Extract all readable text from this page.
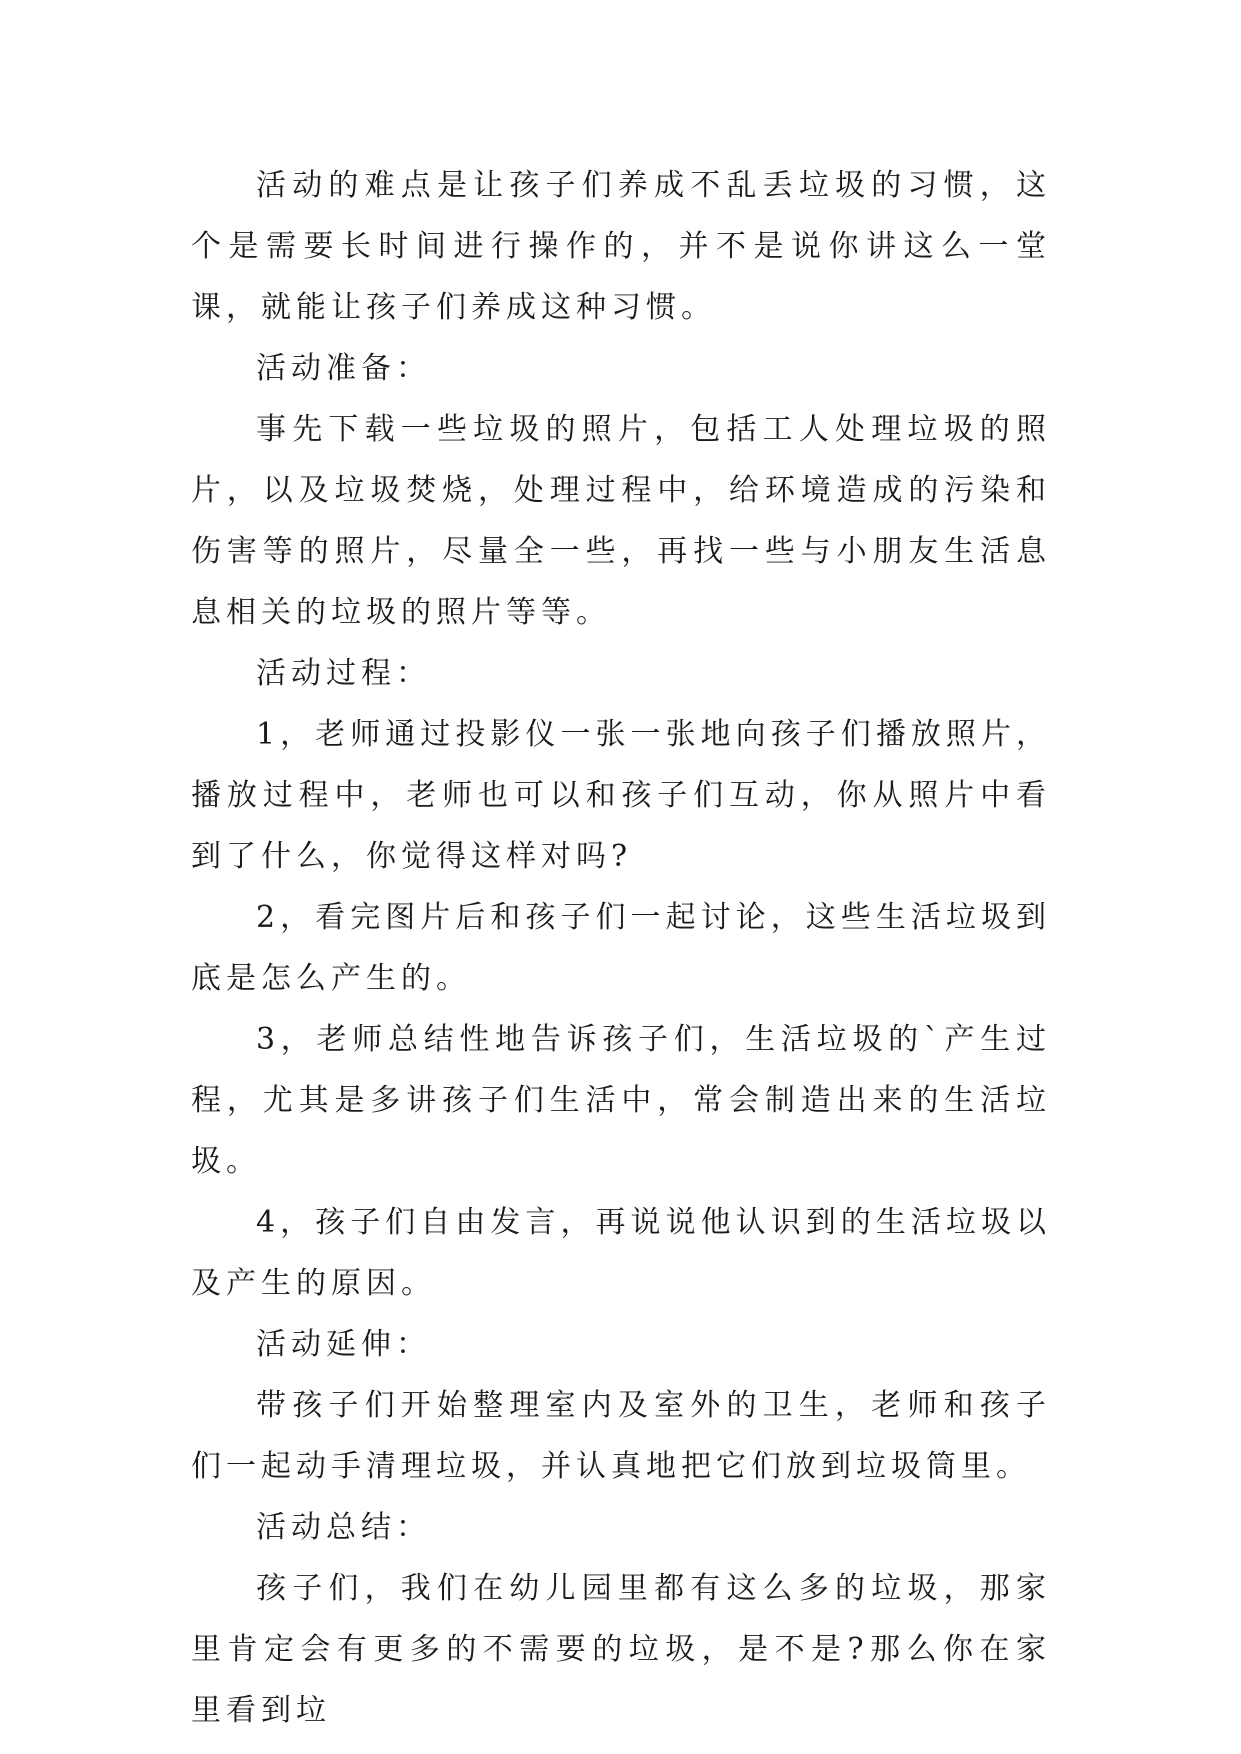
活动的难点是让孩子们养成不乱丢垃圾的习惯，这个是需要长时间进行操作的，并不是说你讲这么一堂课，就能让孩子们养成这种习惯。

活动准备：

事先下载一些垃圾的照片，包括工人处理垃圾的照片，以及垃圾焚烧，处理过程中，给环境造成的污染和伤害等的照片，尽量全一些，再找一些与小朋友生活息息相关的垃圾的照片等等。

活动过程：

1，老师通过投影仪一张一张地向孩子们播放照片，播放过程中，老师也可以和孩子们互动，你从照片中看到了什么，你觉得这样对吗?

2，看完图片后和孩子们一起讨论，这些生活垃圾到底是怎么产生的。

3，老师总结性地告诉孩子们，生活垃圾的`产生过程，尤其是多讲孩子们生活中，常会制造出来的生活垃圾。

4，孩子们自由发言，再说说他认识到的生活垃圾以及产生的原因。

活动延伸：

带孩子们开始整理室内及室外的卫生，老师和孩子们一起动手清理垃圾，并认真地把它们放到垃圾筒里。

活动总结：

孩子们，我们在幼儿园里都有这么多的垃圾，那家里肯定会有更多的不需要的垃圾，是不是?那么你在家里看到垃
